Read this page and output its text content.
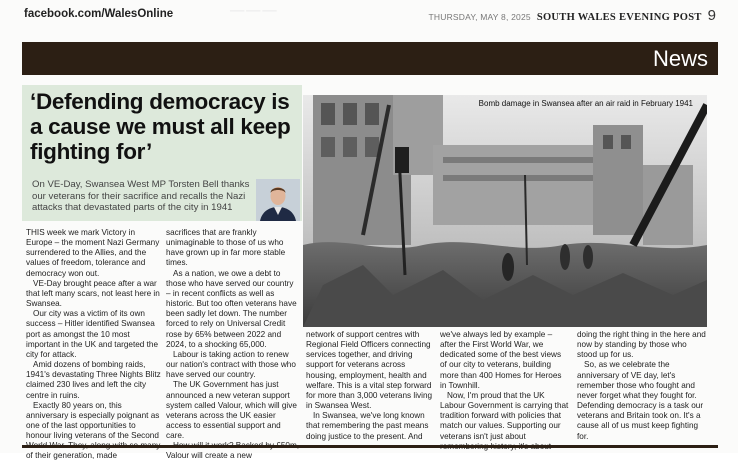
───
facebook.com/WalesOnline	THURSDAY, MAY 8, 2025 SOUTH WALES EVENING POST 9
News
‘Defending democracy is a cause we must all keep fighting for’
On VE-Day, Swansea West MP Torsten Bell thanks our veterans for their sacrifice and recalls the Nazi attacks that devastated parts of the city in 1941
Bomb damage in Swansea after an air raid in February 1941

THIS week we mark Victory in Europe – the moment Nazi Germany surrendered to the Allies, and the values of freedom, tolerance and democracy won out.

VE-Day brought peace after a war that left many scars, not least here in Swansea.

Our city was a victim of its own success – Hitler identified Swansea port as amongst the 10 most important in the UK and targeted the city for attack.

Amid dozens of bombing raids, 1941's devastating Three Nights Blitz claimed 230 lives and left the city centre in ruins.

Exactly 80 years on, this anniversary is especially poignant as one of the last opportunities to honour living veterans of the Second of their generation, made

sacrifices that are frankly unimaginable to those of us who have grown up in far more stable times.

As a nation, we owe a debt to those who have served our country – in recent conflicts as well as historic. But too often veterans have been sadly let down. The number forced to rely on Universal Credit rose by 65% between 2022 and 2024, to a shocking 65,000.

Labour is taking action to renew our nation's contract with those who have served our country.

The UK Government has just announced a new veteran support system called Valour, which will give veterans across the UK easier access to essential support and care.

Valour will create a new

network of support centres with Regional Field Officers connecting services together, and driving support for veterans across housing, employment, health and welfare. This is a vital step forward for more than 3,000 veterans living in Swansea West.

In Swansea, we've long known that remembering the past means doing justice to the present. And

we've always led by example – after the First World War, we dedicated some of the best views of our city to veterans, building more than 400 Homes for Heroes in Townhill.

Now, I'm proud that the UK Labour Government is carrying that tradition forward with policies that match our values. Supporting our veterans isn't just about

doing the right thing in the here and now by standing by those who stood up for us.

So, as we celebrate the anniversary of VE day, let's remember those who fought and never forget what they fought for. Defending democracy is a task our veterans and Britain took on. It's a cause all of us must keep fighting for.
